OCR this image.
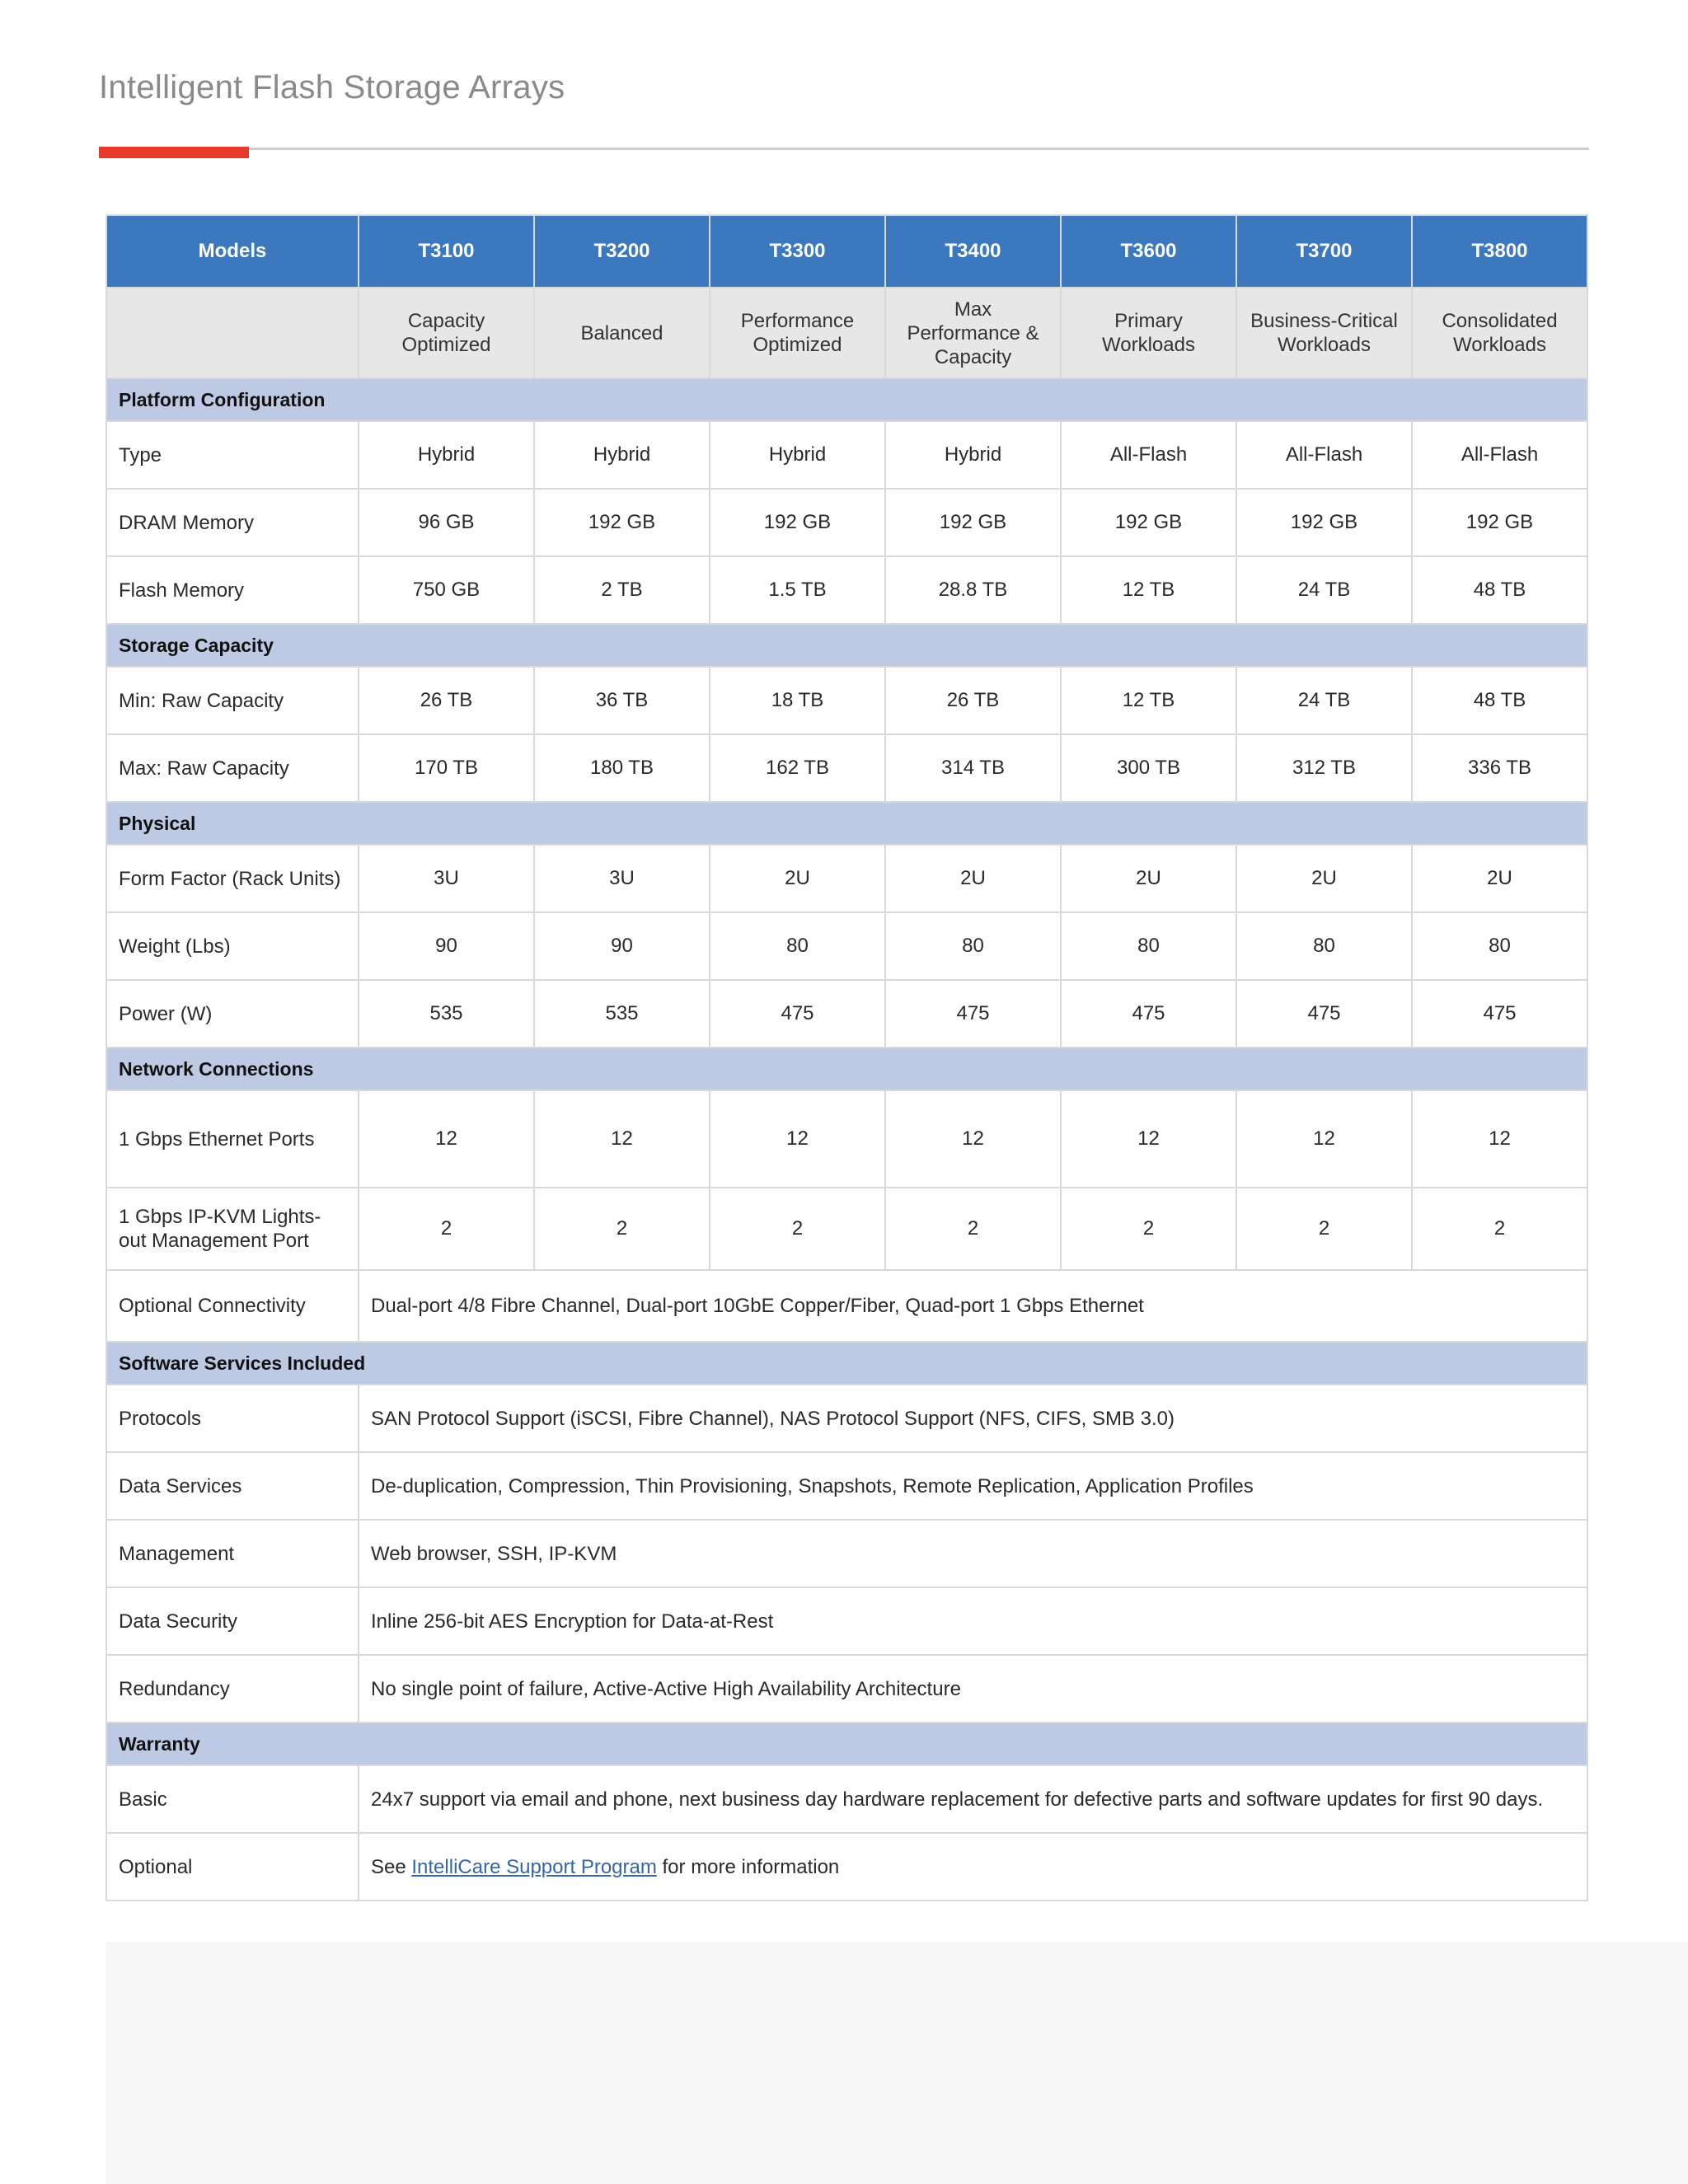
Intelligent Flash Storage Arrays
Models	T3100	T3200	T3300	T3400	T3600	T3700	T3800
	Capacity Optimized	Balanced	Performance Optimized	Max Performance & Capacity	Primary Workloads	Business-Critical Workloads	Consolidated Workloads
Platform Configuration							
Type	Hybrid	Hybrid	Hybrid	Hybrid	All-Flash	All-Flash	All-Flash
DRAM Memory	96 GB	192 GB	192 GB	192 GB	192 GB	192 GB	192 GB
Flash Memory	750 GB	2 TB	1.5 TB	28.8 TB	12 TB	24 TB	48 TB
Storage Capacity							
Min: Raw Capacity	26 TB	36 TB	18 TB	26 TB	12 TB	24 TB	48 TB
Max: Raw Capacity	170 TB	180 TB	162 TB	314 TB	300 TB	312 TB	336 TB
Physical							
Form Factor (Rack Units)	3U	3U	2U	2U	2U	2U	2U
Weight (Lbs)	90	90	80	80	80	80	80
Power (W)	535	535	475	475	475	475	475
Network Connections							
1 Gbps Ethernet Ports	12	12	12	12	12	12	12
1 Gbps IP-KVM Lights-out Management Port	2	2	2	2	2	2	2
Optional Connectivity	Dual-port 4/8 Fibre Channel, Dual-port 10GbE Copper/Fiber, Quad-port 1 Gbps Ethernet						
Software Services Included							
Protocols	SAN Protocol Support (iSCSI, Fibre Channel), NAS Protocol Support (NFS, CIFS, SMB 3.0)						
Data Services	De-duplication, Compression, Thin Provisioning, Snapshots, Remote Replication, Application Profiles						
Management	Web browser, SSH, IP-KVM						
Data Security	Inline 256-bit AES Encryption for Data-at-Rest						
Redundancy	No single point of failure, Active-Active High Availability Architecture						
Warranty							
Basic	24x7 support via email and phone, next business day hardware replacement for defective parts and software updates for first 90 days.						
Optional	See IntelliCare Support Program for more information						
